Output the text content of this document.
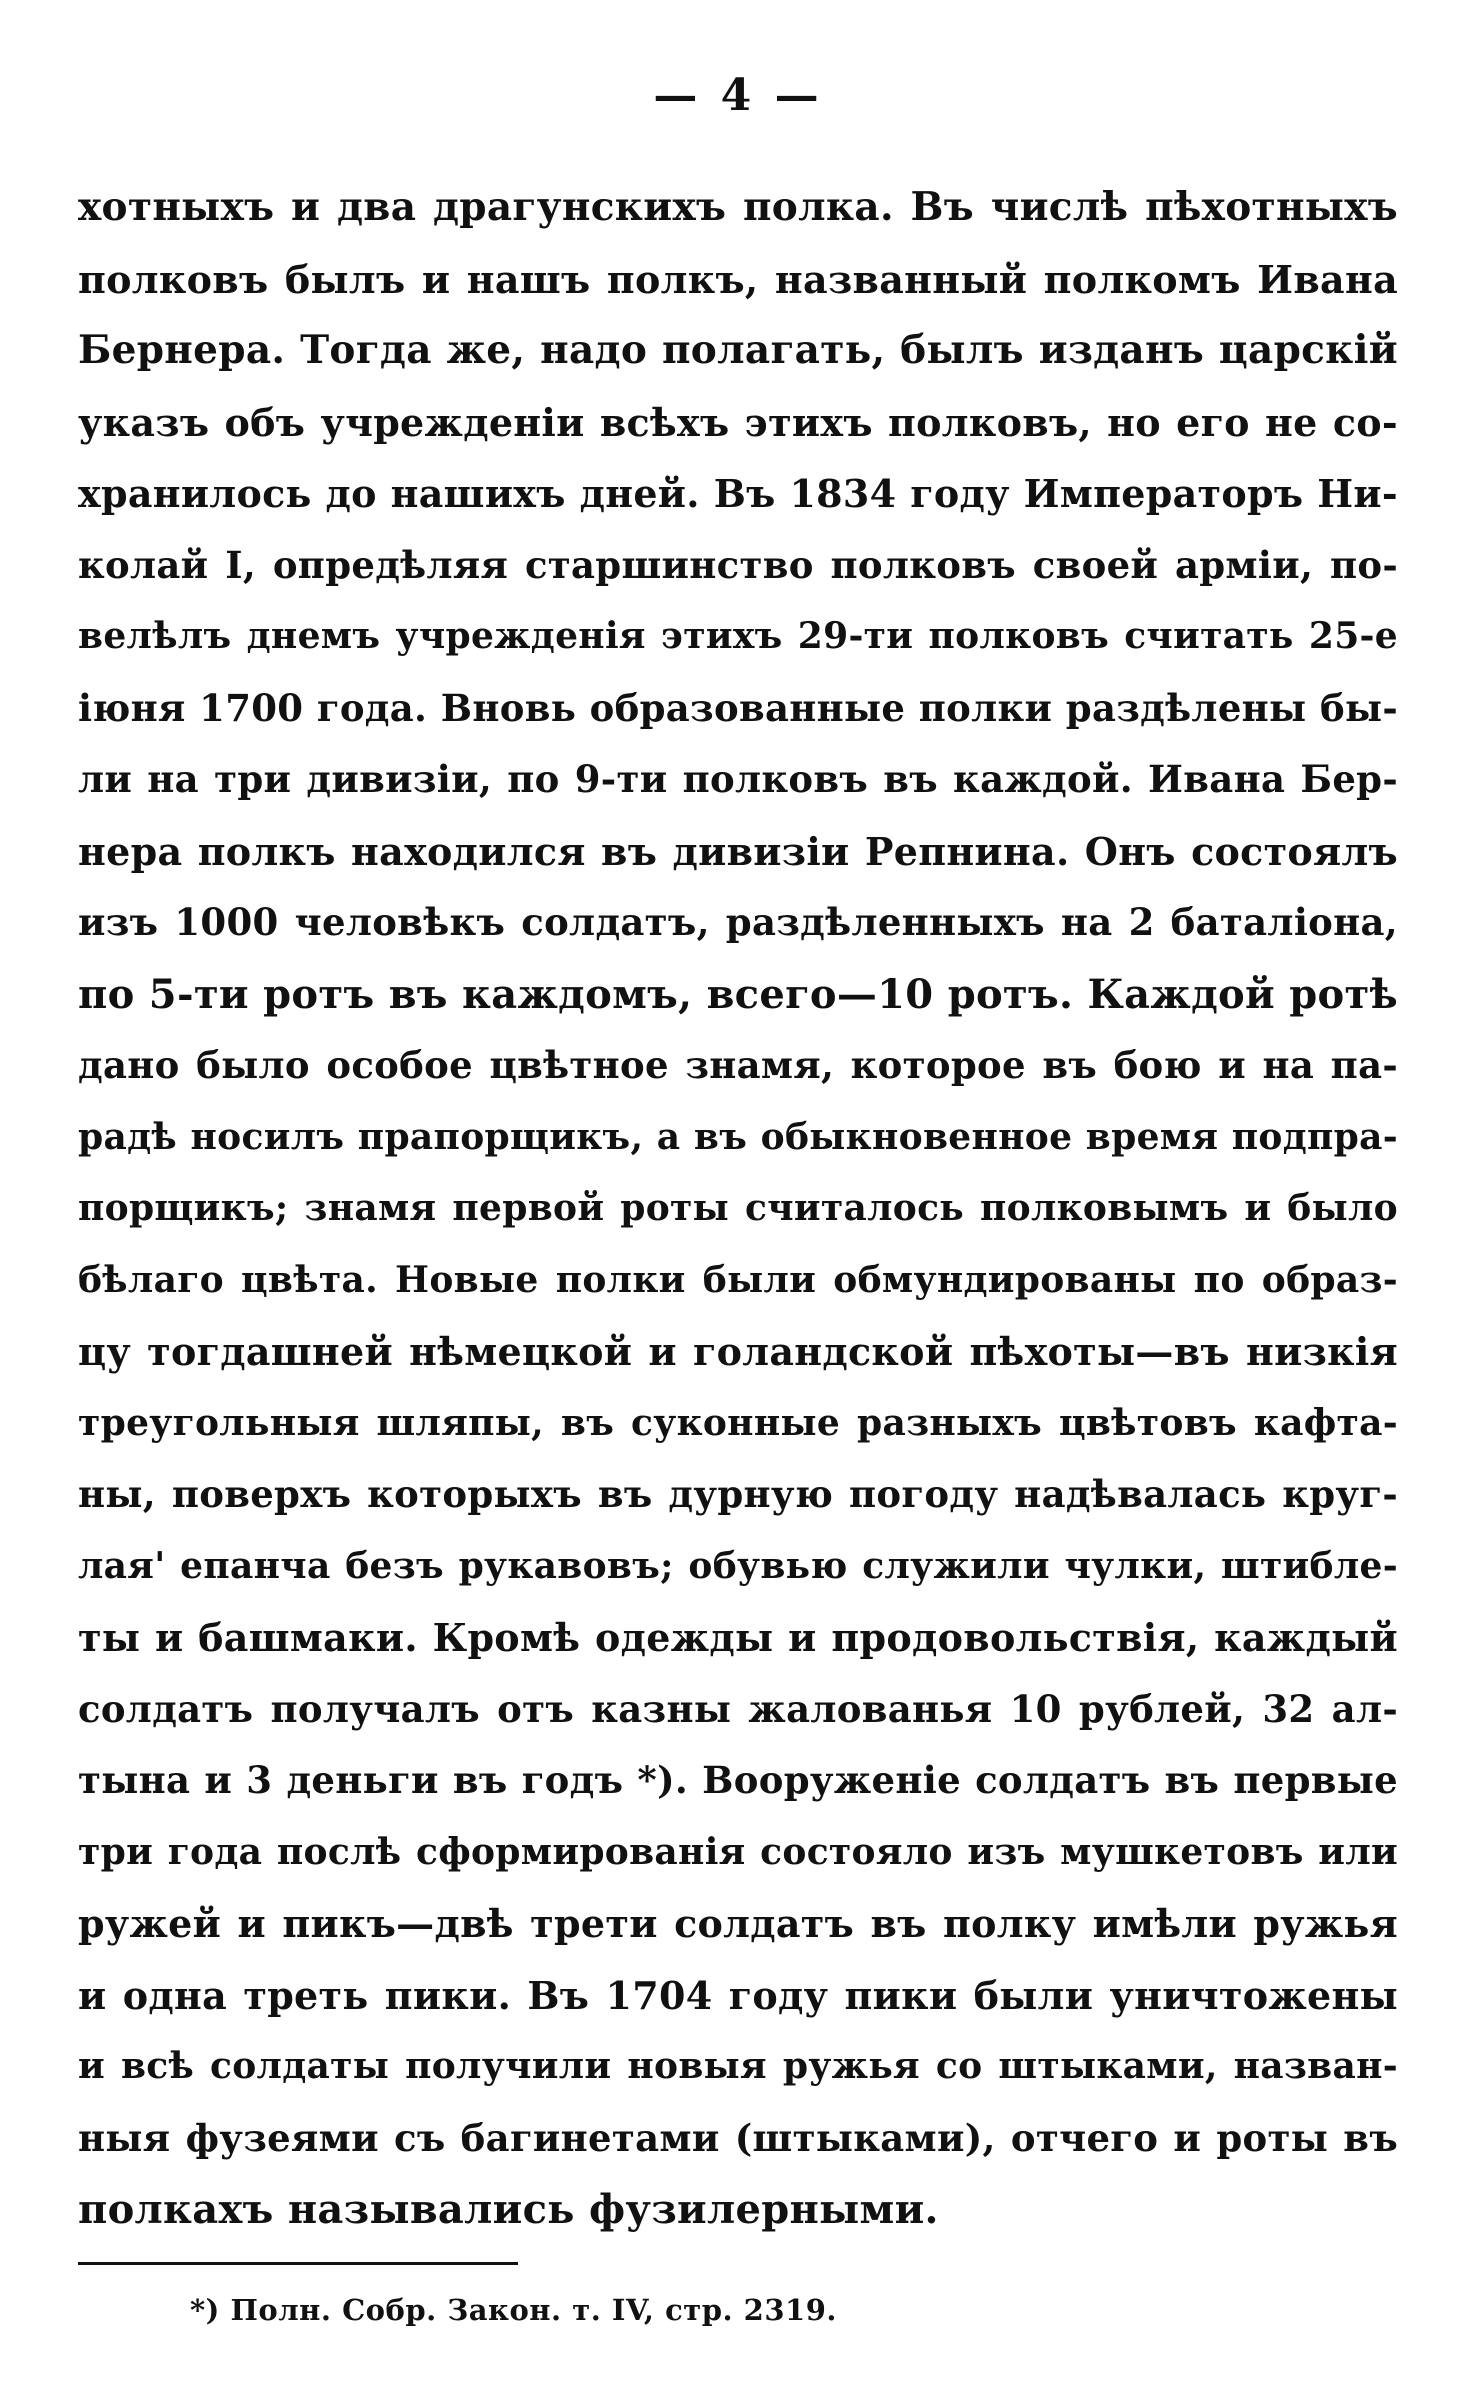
— 4 —
хотныхъ и два драгунскихъ полка. Въ числѣ пѣхотныхъ
полковъ былъ и нашъ полкъ, названный полкомъ Ивана
Бернера. Тогда же, надо полагать, былъ изданъ царскій
указъ объ учрежденіи всѣхъ этихъ полковъ, но его не со-
хранилось до нашихъ дней. Въ 1834 году Императоръ Ни-
колай I, опредѣляя старшинство полковъ своей арміи, по-
велѣлъ днемъ учрежденія этихъ 29-ти полковъ считать 25-е
іюня 1700 года. Вновь образованные полки раздѣлены бы-
ли на три дивизіи, по 9-ти полковъ въ каждой. Ивана Бер-
нера полкъ находился въ дивизіи Репнина. Онъ состоялъ
изъ 1000 человѣкъ солдатъ, раздѣленныхъ на 2 баталіона,
по 5-ти ротъ въ каждомъ, всего—10 ротъ. Каждой ротѣ
дано было особое цвѣтное знамя, которое въ бою и на па-
радѣ носилъ прапорщикъ, а въ обыкновенное время подпра-
порщикъ; знамя первой роты считалось полковымъ и было
бѣлаго цвѣта. Новые полки были обмундированы по образ-
цу тогдашней нѣмецкой и голандской пѣхоты—въ низкія
треугольныя шляпы, въ суконные разныхъ цвѣтовъ кафта-
ны, поверхъ которыхъ въ дурную погоду надѣвалась круг-
лая' епанча безъ рукавовъ; обувью служили чулки, штибле-
ты и башмаки. Кромѣ одежды и продовольствія, каждый
солдатъ получалъ отъ казны жалованья 10 рублей, 32 ал-
тына и 3 деньги въ годъ *). Вооруженіе солдатъ въ первые
три года послѣ сформированія состояло изъ мушкетовъ или
ружей и пикъ—двѣ трети солдатъ въ полку имѣли ружья
и одна треть пики. Въ 1704 году пики были уничтожены
и всѣ солдаты получили новыя ружья со штыками, назван-
ныя фузеями съ багинетами (штыками), отчего и роты въ
полкахъ назывались фузилерными.
*) Полн. Собр. Закон. т. IV, стр. 2319.
